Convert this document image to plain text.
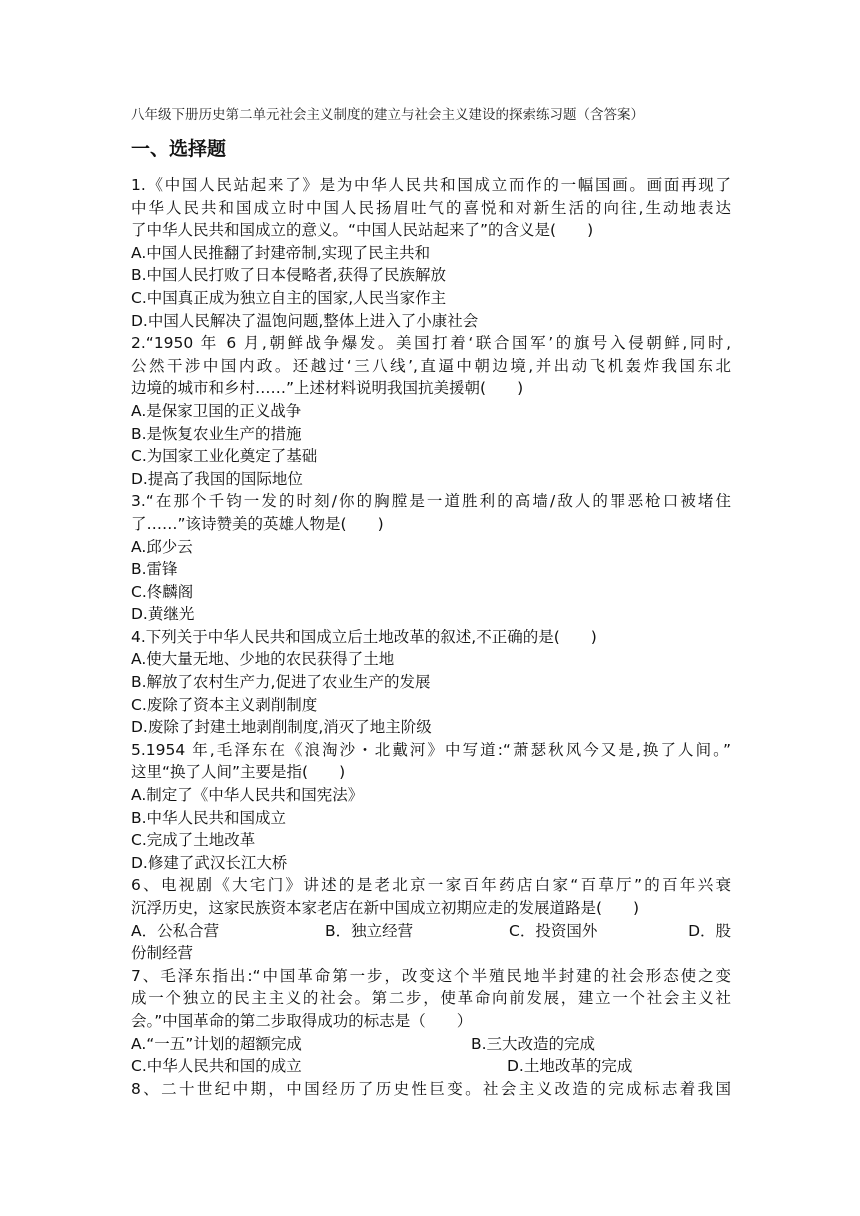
八年级下册历史第二单元社会主义制度的建立与社会主义建设的探索练习题（含答案）
一、选择题
1.《中国人民站起来了》是为中华人民共和国成立而作的一幅国画。画面再现了
中华人民共和国成立时中国人民扬眉吐气的喜悦和对新生活的向往,生动地表达
了中华人民共和国成立的意义。“中国人民站起来了”的含义是(　　)
A.中国人民推翻了封建帝制,实现了民主共和
B.中国人民打败了日本侵略者,获得了民族解放
C.中国真正成为独立自主的国家,人民当家作主
D.中国人民解决了温饱问题,整体上进入了小康社会
2.“1950 年 6 月,朝鲜战争爆发。美国打着‘联合国军’的旗号入侵朝鲜,同时,
公然干涉中国内政。还越过‘三八线’,直逼中朝边境,并出动飞机轰炸我国东北
边境的城市和乡村……”上述材料说明我国抗美援朝(　　)
A.是保家卫国的正义战争
B.是恢复农业生产的措施
C.为国家工业化奠定了基础
D.提高了我国的国际地位
3.“在那个千钧一发的时刻/你的胸膛是一道胜利的高墙/敌人的罪恶枪口被堵住
了……”该诗赞美的英雄人物是(　　)
A.邱少云
B.雷锋
C.佟麟阁
D.黄继光
4.下列关于中华人民共和国成立后土地改革的叙述,不正确的是(　　)
A.使大量无地、少地的农民获得了土地
B.解放了农村生产力,促进了农业生产的发展
C.废除了资本主义剥削制度
D.废除了封建土地剥削制度,消灭了地主阶级
5.1954 年,毛泽东在《浪淘沙・北戴河》中写道:“萧瑟秋风今又是,换了人间。”
这里“换了人间”主要是指(　　)
A.制定了《中华人民共和国宪法》
B.中华人民共和国成立
C.完成了土地改革
D.修建了武汉长江大桥
6、电视剧《大宅门》讲述的是老北京一家百年药店白家“百草厅”的百年兴衰
沉浮历史，这家民族资本家老店在新中国成立初期应走的发展道路是(　　)
A．公私合营	B．独立经营	C．投资国外	D．股
份制经营
7、毛泽东指出:“中国革命第一步，改变这个半殖民地半封建的社会形态使之变
成一个独立的民主主义的社会。第二步，使革命向前发展，建立一个社会主义社
会。”中国革命的第二步取得成功的标志是（　　）
A.“一五”计划的超额完成	B.三大改造的完成
C.中华人民共和国的成立	D.土地改革的完成
8、二十世纪中期，中国经历了历史性巨变。社会主义改造的完成标志着我国
